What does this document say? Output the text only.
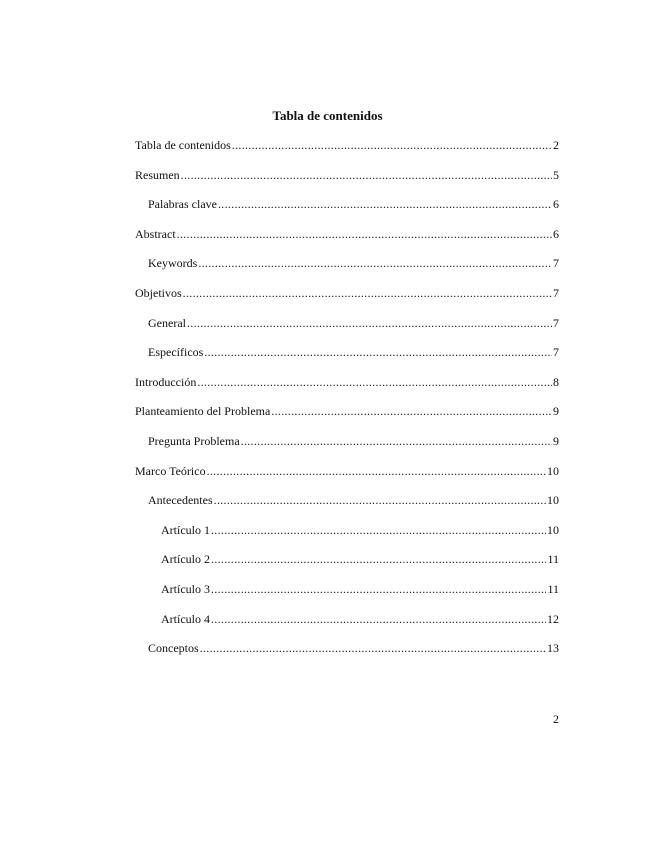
Tabla de contenidos
Tabla de contenidos .....	2
Resumen .....	5
Palabras clave .....	6
Abstract .....	6
Keywords .....	7
Objetivos .....	7
General .....	7
Específicos .....	7
Introducción .....	8
Planteamiento del Problema .....	9
Pregunta Problema .....	9
Marco Teórico .....	10
Antecedentes .....	10
Artículo 1 .....	10
Artículo 2 .....	11
Artículo 3 .....	11
Artículo 4 .....	12
Conceptos .....	13
2
